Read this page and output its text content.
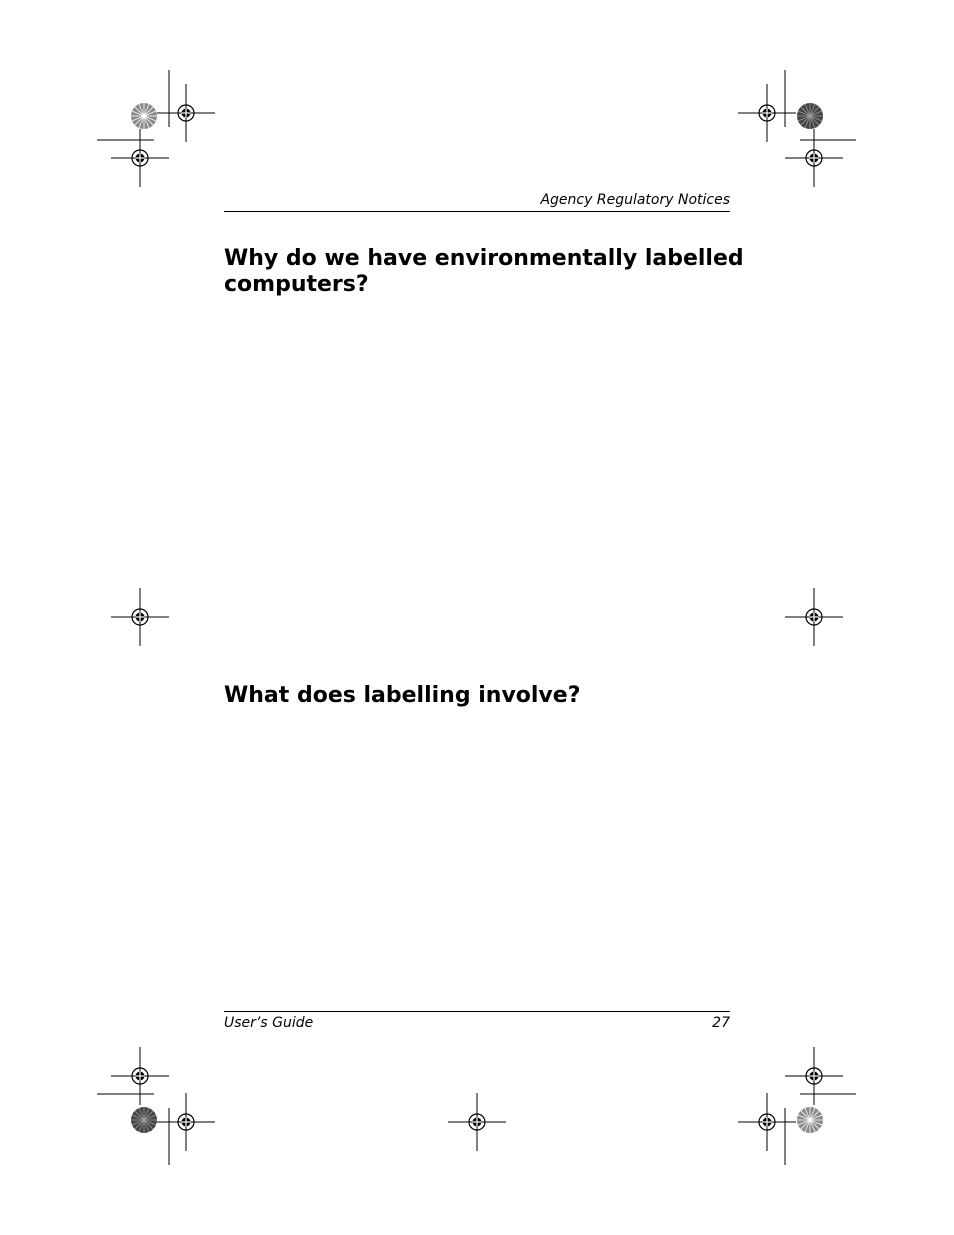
Agency Regulatory Notices
Why do we have environmentally labelled computers?
What does labelling involve?
User’s Guide	27
